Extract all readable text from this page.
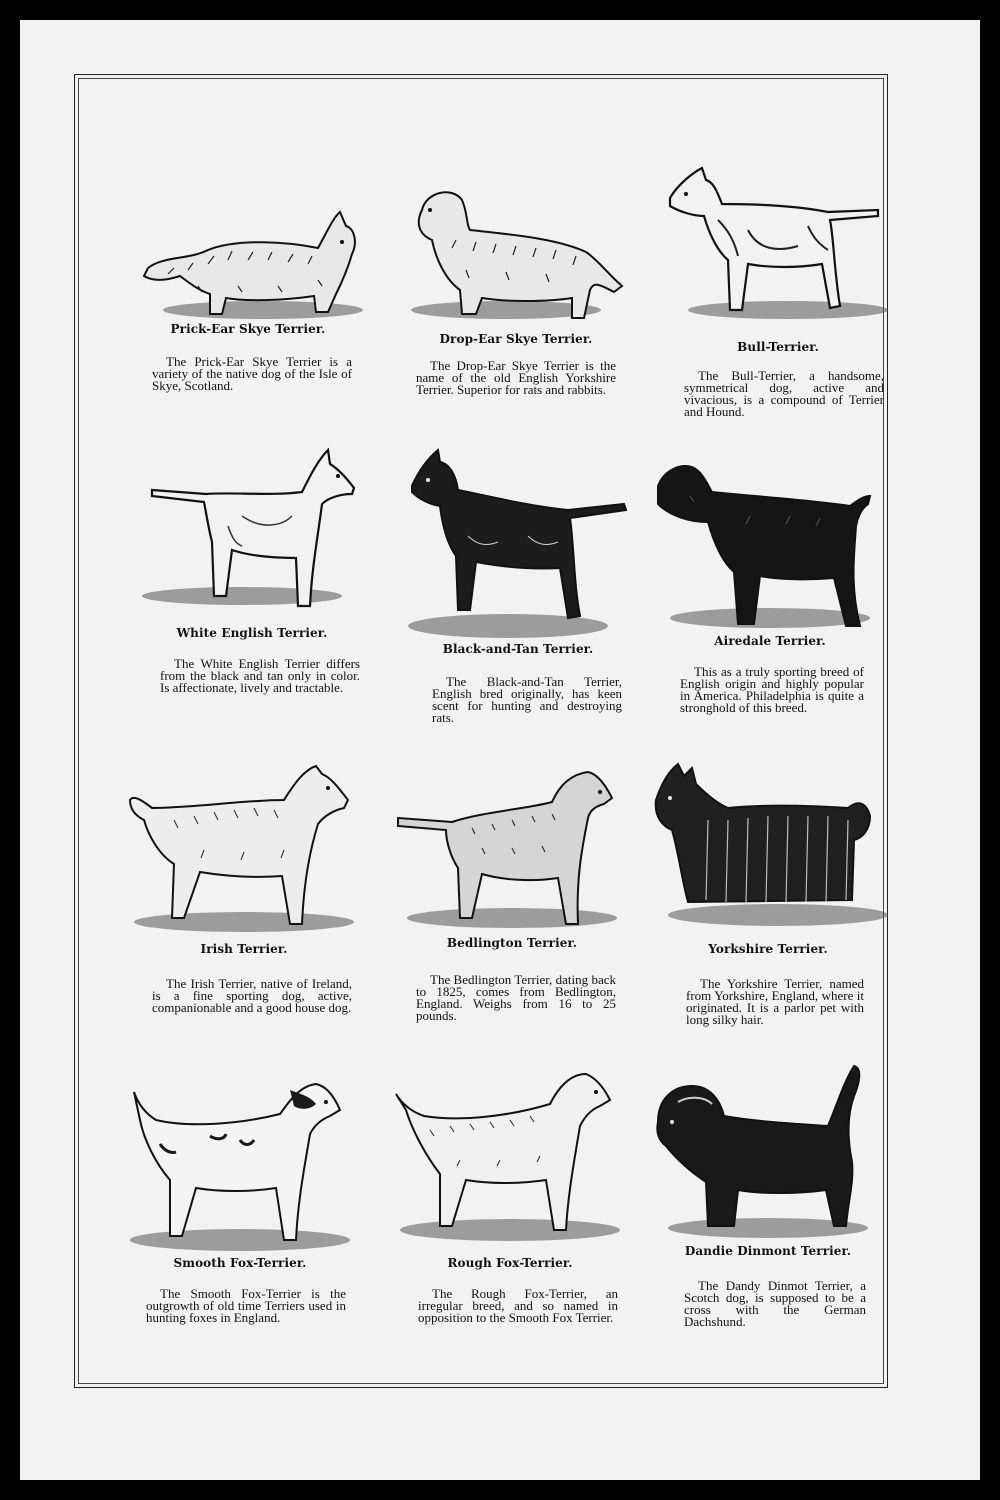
Prick-Ear Skye Terrier.
The Prick-Ear Skye Terrier is a variety of the native dog of the Isle of Skye, Scotland.
Drop-Ear Skye Terrier.
The Drop-Ear Skye Terrier is the name of the old English Yorkshire Terrier. Superior for rats and rabbits.
Bull-Terrier.
The Bull-Terrier, a handsome, symmetrical dog, active and vivacious, is a compound of Terrier and Hound.
White English Terrier.
The White English Terrier differs from the black and tan only in color. Is affectionate, lively and tractable.
Black-and-Tan Terrier.
The Black-and-Tan Terrier, English bred originally, has keen scent for hunting and destroying rats.
Airedale Terrier.
This as a truly sporting breed of English origin and highly popular in America. Philadelphia is quite a stronghold of this breed.
Irish Terrier.
The Irish Terrier, native of Ireland, is a fine sporting dog, active, companionable and a good house dog.
Bedlington Terrier.
The Bedlington Terrier, dating back to 1825, comes from Bedlington, England. Weighs from 16 to 25 pounds.
Yorkshire Terrier.
The Yorkshire Terrier, named from Yorkshire, England, where it originated. It is a parlor pet with long silky hair.
Smooth Fox-Terrier.
The Smooth Fox-Terrier is the outgrowth of old time Terriers used in hunting foxes in England.
Rough Fox-Terrier.
The Rough Fox-Terrier, an irregular breed, and so named in opposition to the Smooth Fox Terrier.
Dandie Dinmont Terrier.
The Dandy Dinmot Terrier, a Scotch dog, is supposed to be a cross with the German Dachshund.
